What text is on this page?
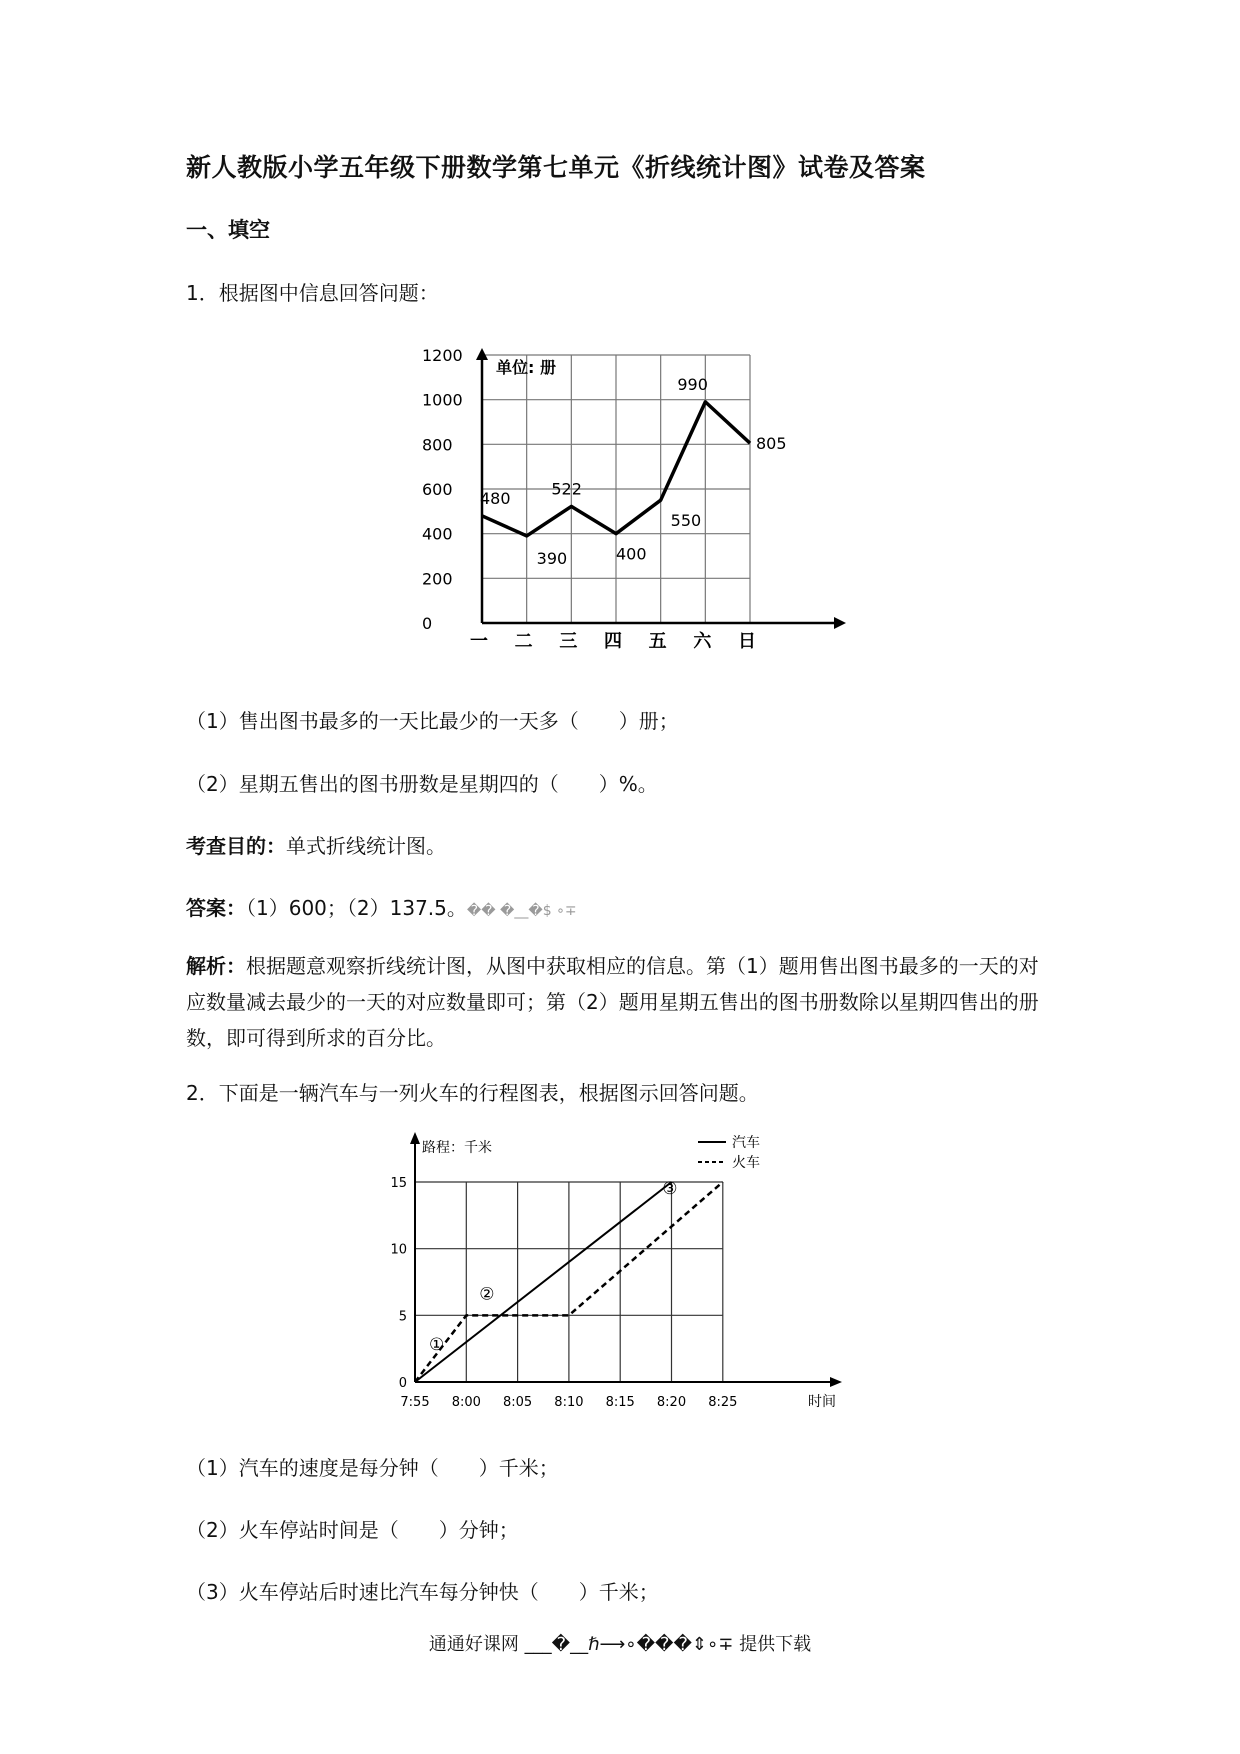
新人教版小学五年级下册数学第七单元《折线统计图》试卷及答案
一、填空
1．根据图中信息回答问题：
单位: 册
0
200
400
600
800
1000
1200
一 二 三 四 五 六 日
480
390
522
400
550
990
805
（1）售出图书最多的一天比最少的一天多（　　）册；
（2）星期五售出的图书册数是星期四的（　　）%。
考查目的：单式折线统计图。
答案：（1）600；（2）137.5。�� �__�$ ∘∓
解析：根据题意观察折线统计图，从图中获取相应的信息。第（1）题用售出图书最多的一天的对应数量减去最少的一天的对应数量即可；第（2）题用星期五售出的图书册数除以星期四售出的册数，即可得到所求的百分比。
2．下面是一辆汽车与一列火车的行程图表，根据图示回答问题。
路程：千米
时间
0
5
10
15
7:55 8:00 8:05 8:10 8:15 8:20 8:25
汽车
火车
①
②
③
（1）汽车的速度是每分钟（　　）千米；
（2）火车停站时间是（　　）分钟；
（3）火车停站后时速比汽车每分钟快（　　）千米；
通通好课网 ___�__ℏ⟶∘���⇕∘∓ 提供下载
